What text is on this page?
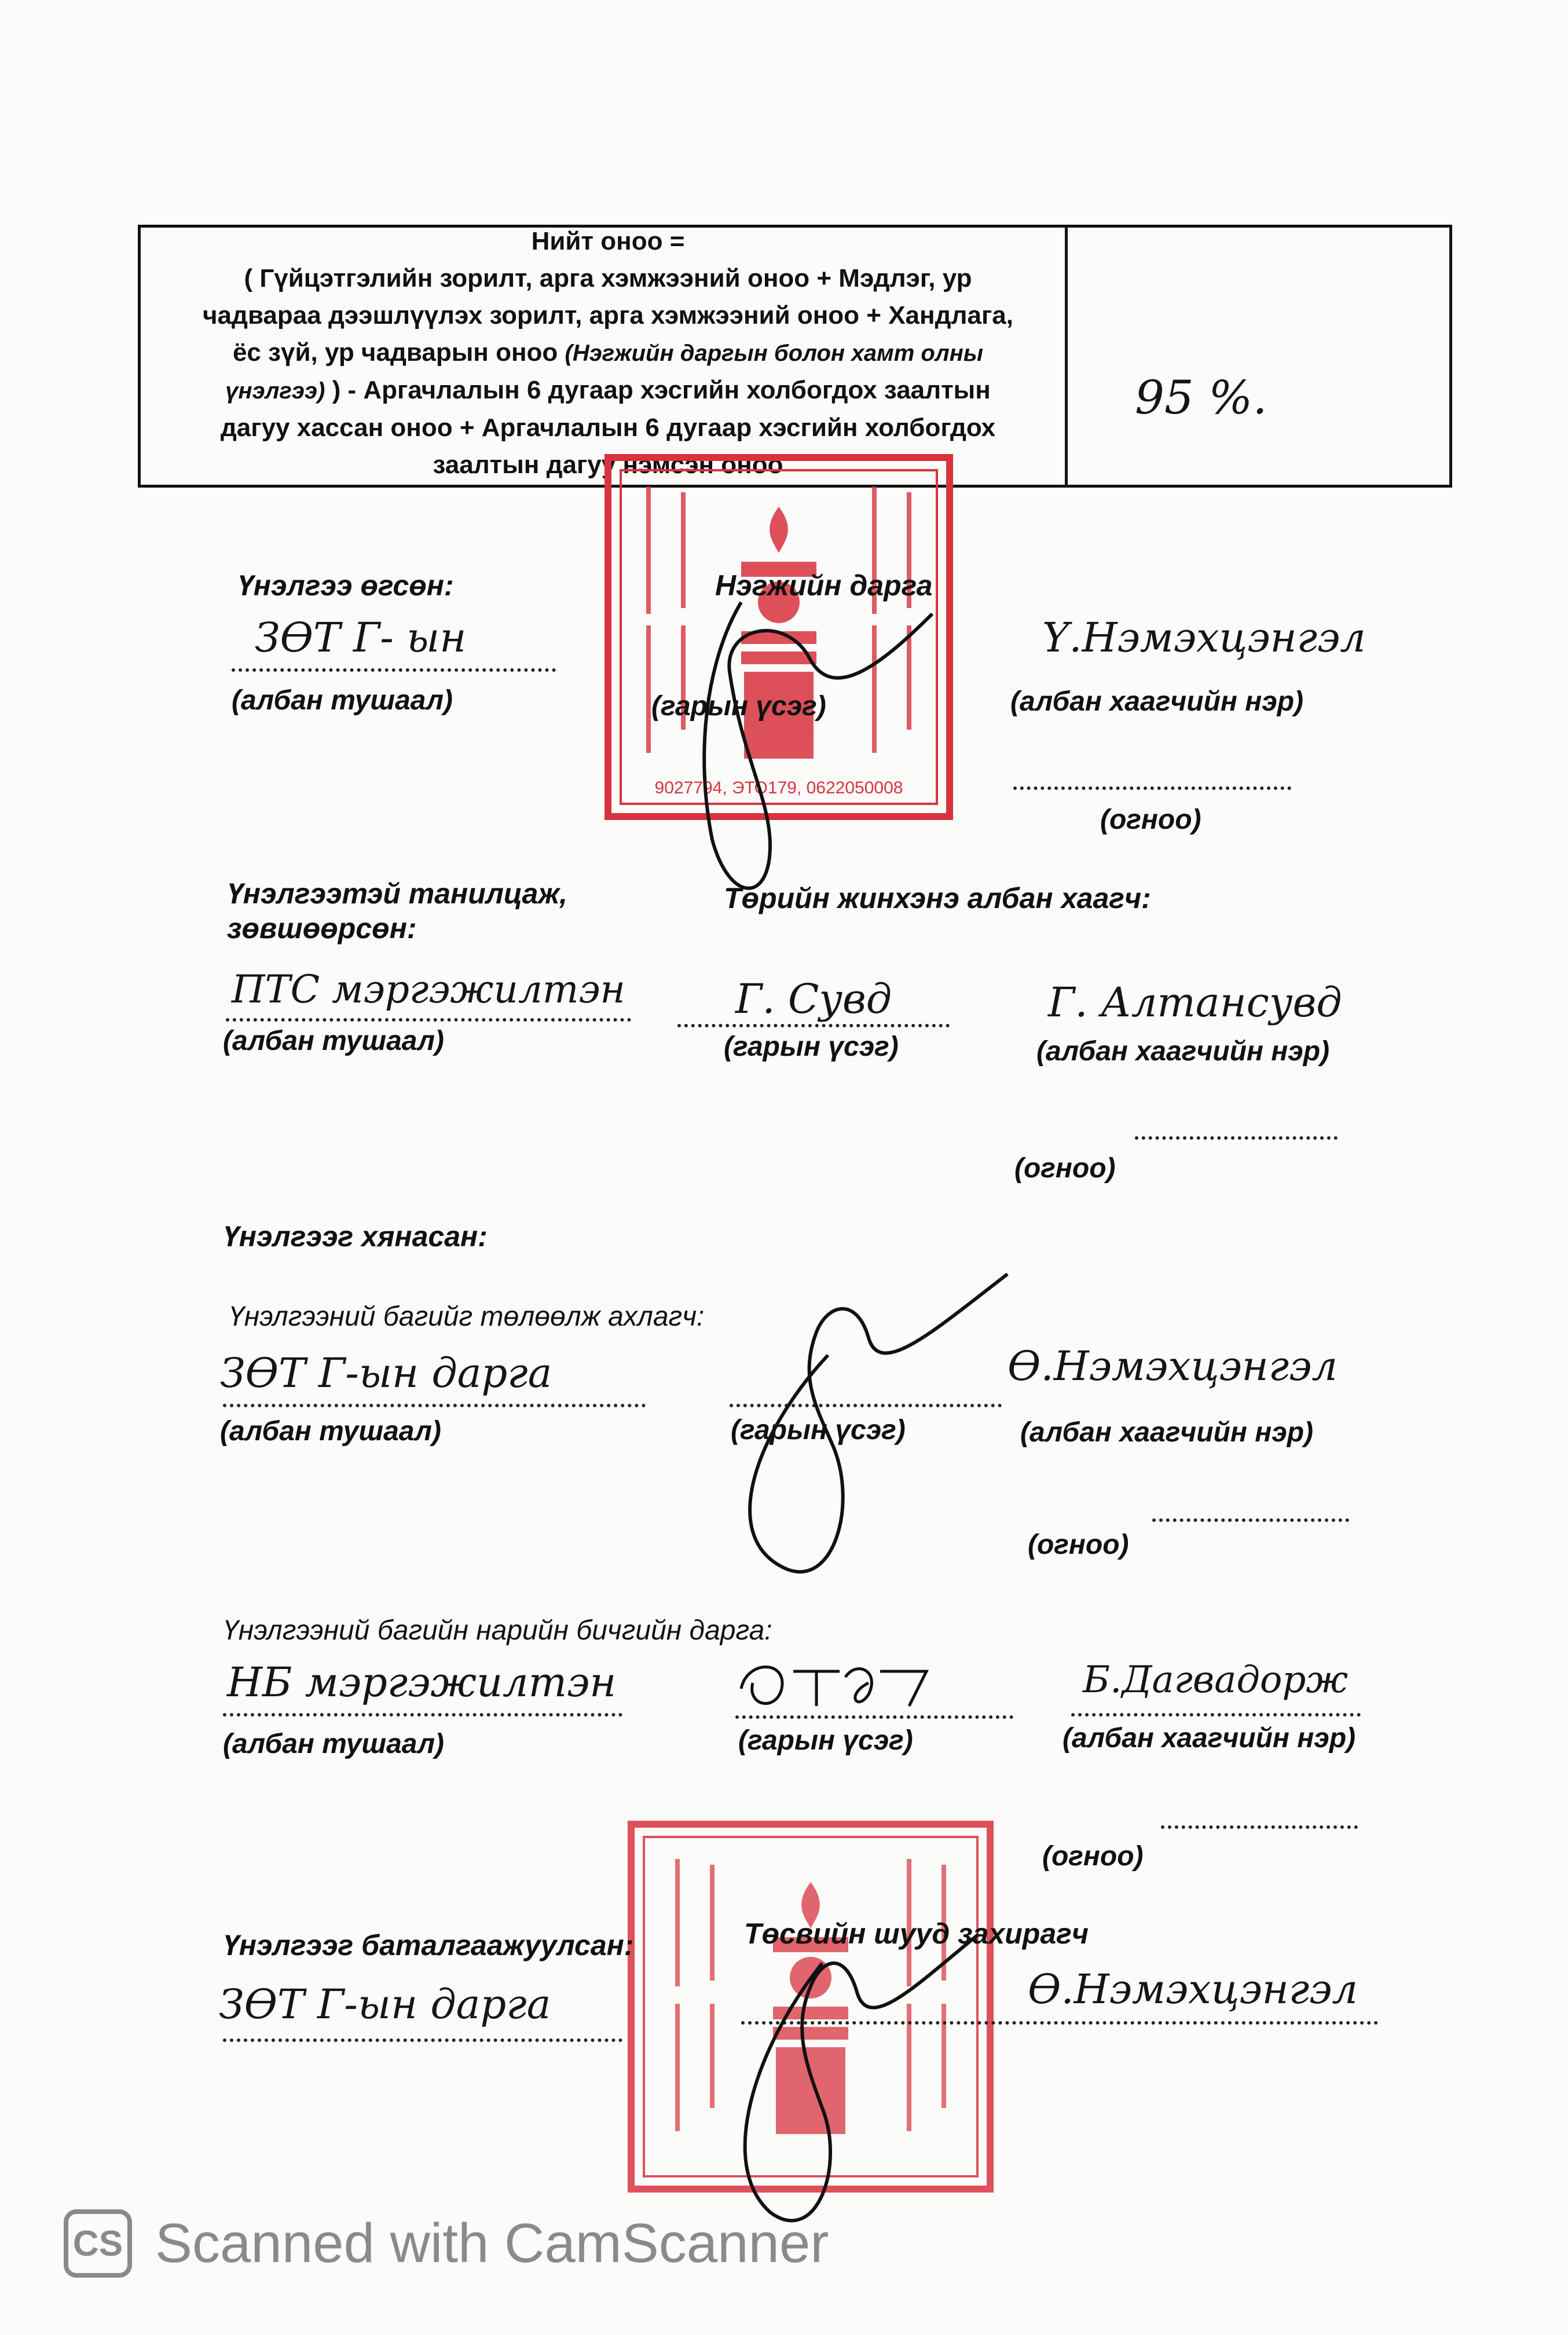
Нийт оноо =
( Гүйцэтгэлийн зорилт, арга хэмжээний оноо + Мэдлэг, ур
чадвараа дээшлүүлэх зорилт, арга хэмжээний оноо + Хандлага,
ёс зүй, ур чадварын оноо (Нэгжийн даргын болон хамт олны
үнэлгээ) ) - Аргачлалын 6 дугаар хэсгийн холбогдох заалтын
дагуу хассан оноо + Аргачлалын 6 дугаар хэсгийн холбогдох
заалтын дагуу нэмсэн оноо
95 %.
9027794, ЭТО179, 0622050008
Үнэлгээ өгсөн:	Нэгжийн дарга
ЗӨТ Г- ын	Ү.Нэмэхцэнгэл
(албан тушаал)	(гарын үсэг)	(албан хаагчийн нэр)
(огноо)
Үнэлгээтэй танилцаж,
зөвшөөрсөн:
Төрийн жинхэнэ албан хаагч:
ПТС мэргэжилтэн	Г. Сувд	Г. Алтансувд
(албан тушаал)	(гарын үсэг)	(албан хаагчийн нэр)
(огноо)
Үнэлгээг хянасан:
Үнэлгээний багийг төлөөлж ахлагч:
ЗӨТ Г-ын дарга	Ө.Нэмэхцэнгэл
(албан тушаал)	(гарын үсэг)	(албан хаагчийн нэр)
(огноо)
Үнэлгээний багийн нарийн бичгийн дарга:
НБ мэргэжилтэн	Б.Дагвадорж
(албан тушаал)	(гарын үсэг)	(албан хаагчийн нэр)
(огноо)
Үнэлгээг баталгаажуулсан:	Төсвийн шууд захирагч
ЗӨТ Г-ын дарга	Ө.Нэмэхцэнгэл
CS Scanned with CamScanner
